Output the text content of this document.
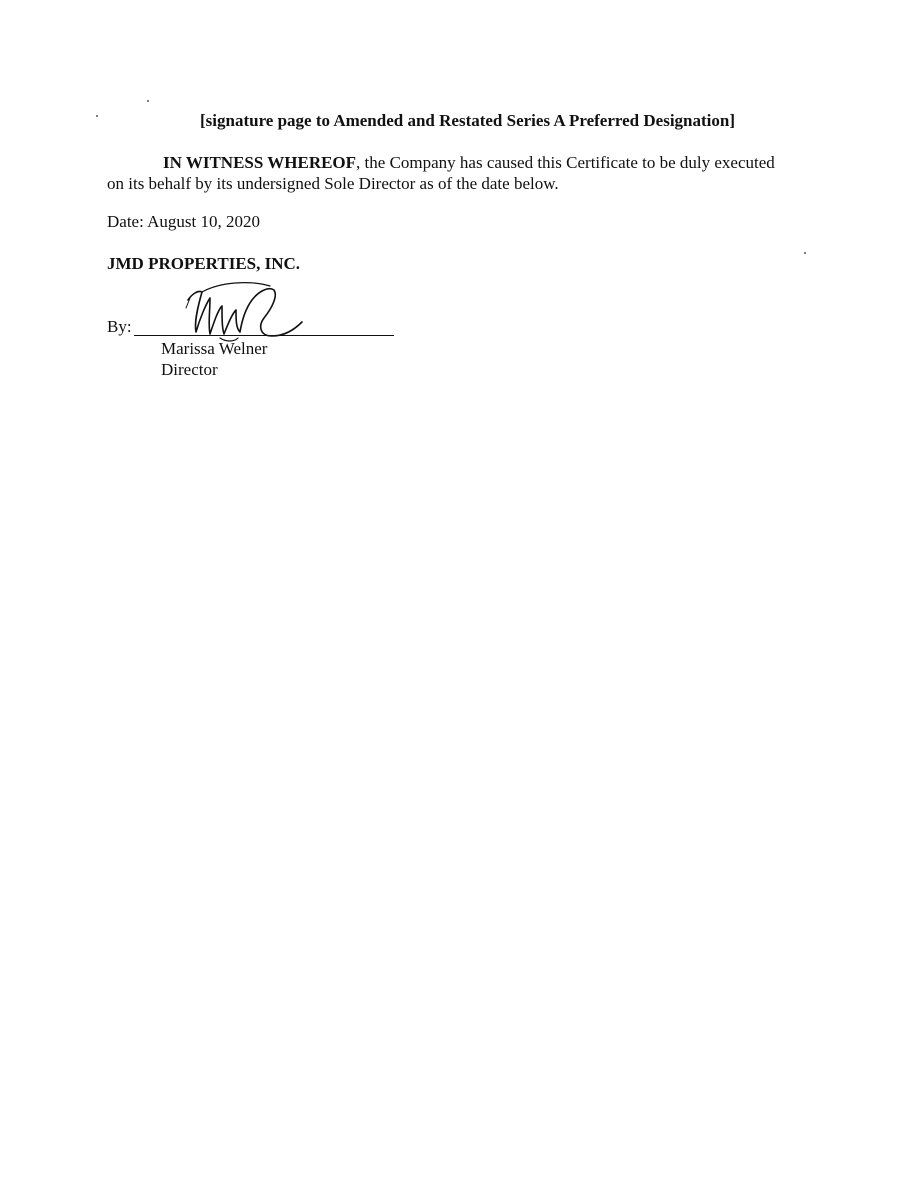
[signature page to Amended and Restated Series A Preferred Designation]
IN WITNESS WHEREOF, the Company has caused this Certificate to be duly executed
on its behalf by its undersigned Sole Director as of the date below.
Date: August 10, 2020
JMD PROPERTIES, INC.
By:
Marissa Welner
Director
